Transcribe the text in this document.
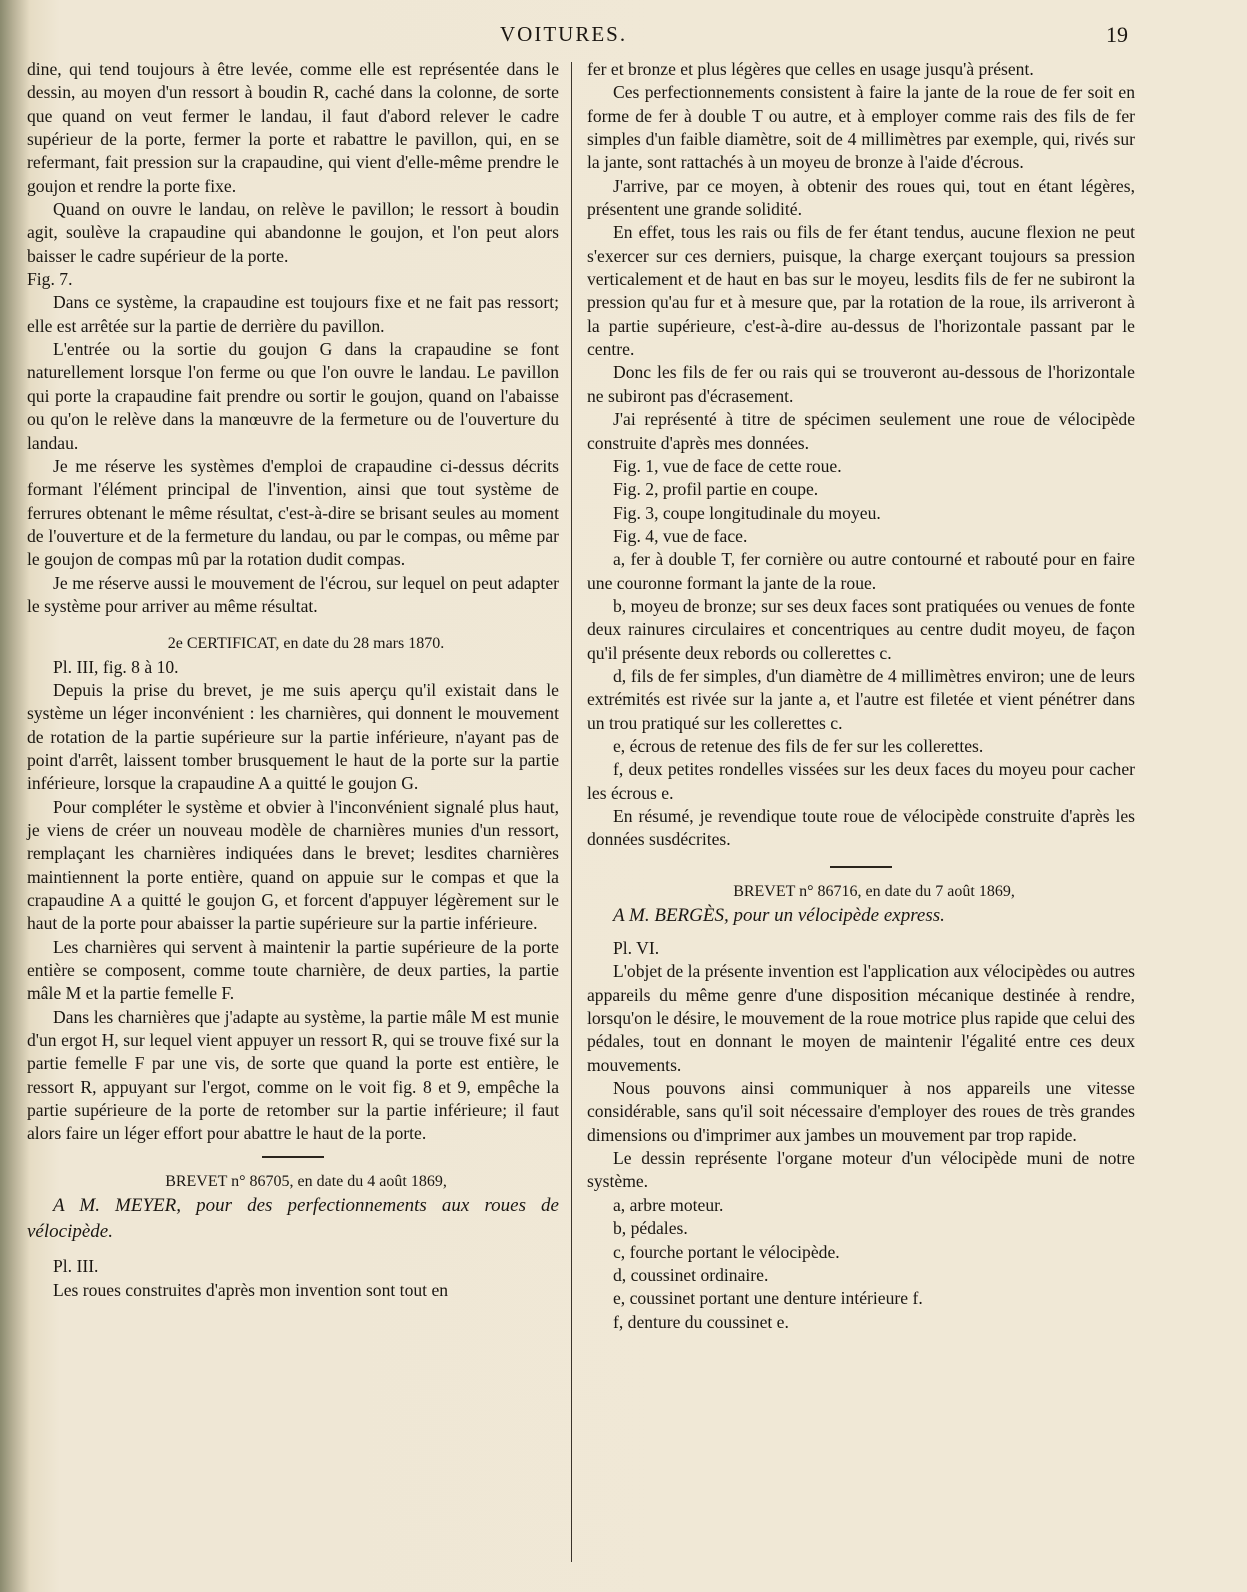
VOITURES.	19

dine, qui tend toujours à être levée, comme elle est représentée dans le dessin, au moyen d'un ressort à boudin R, caché dans la colonne, de sorte que quand on veut fermer le landau, il faut d'abord relever le cadre supérieur de la porte, fermer la porte et rabattre le pavillon, qui, en se refermant, fait pression sur la crapaudine, qui vient d'elle-même prendre le goujon et rendre la porte fixe.

Quand on ouvre le landau, on relève le pavillon; le ressort à boudin agit, soulève la crapaudine qui abandonne le goujon, et l'on peut alors baisser le cadre supérieur de la porte.

Fig. 7.

Dans ce système, la crapaudine est toujours fixe et ne fait pas ressort; elle est arrêtée sur la partie de derrière du pavillon.

L'entrée ou la sortie du goujon G dans la crapaudine se font naturellement lorsque l'on ferme ou que l'on ouvre le landau. Le pavillon qui porte la crapaudine fait prendre ou sortir le goujon, quand on l'abaisse ou qu'on le relève dans la manœuvre de la fermeture ou de l'ouverture du landau.

Je me réserve les systèmes d'emploi de crapaudine ci-dessus décrits formant l'élément principal de l'invention, ainsi que tout système de ferrures obtenant le même résultat, c'est-à-dire se brisant seules au moment de l'ouverture et de la fermeture du landau, ou par le compas, ou même par le goujon de compas mû par la rotation dudit compas.

Je me réserve aussi le mouvement de l'écrou, sur lequel on peut adapter le système pour arriver au même résultat.

2e CERTIFICAT, en date du 28 mars 1870.

Pl. III, fig. 8 à 10.

Depuis la prise du brevet, je me suis aperçu qu'il existait dans le système un léger inconvénient : les charnières, qui donnent le mouvement de rotation de la partie supérieure sur la partie inférieure, n'ayant pas de point d'arrêt, laissent tomber brusquement le haut de la porte sur la partie inférieure, lorsque la crapaudine A a quitté le goujon G.

Pour compléter le système et obvier à l'inconvénient signalé plus haut, je viens de créer un nouveau modèle de charnières munies d'un ressort, remplaçant les charnières indiquées dans le brevet; lesdites charnières maintiennent la porte entière, quand on appuie sur le compas et que la crapaudine A a quitté le goujon G, et forcent d'appuyer légèrement sur le haut de la porte pour abaisser la partie supérieure sur la partie inférieure.

Les charnières qui servent à maintenir la partie supérieure de la porte entière se composent, comme toute charnière, de deux parties, la partie mâle M et la partie femelle F.

Dans les charnières que j'adapte au système, la partie mâle M est munie d'un ergot H, sur lequel vient appuyer un ressort R, qui se trouve fixé sur la partie femelle F par une vis, de sorte que quand la porte est entière, le ressort R, appuyant sur l'ergot, comme on le voit fig. 8 et 9, empêche la partie supérieure de la porte de retomber sur la partie inférieure; il faut alors faire un léger effort pour abattre le haut de la porte.

BREVET n° 86705, en date du 4 août 1869,

A M. MEYER, pour des perfectionnements aux roues de vélocipède.

Pl. III.

Les roues construites d'après mon invention sont tout en

fer et bronze et plus légères que celles en usage jusqu'à présent.

Ces perfectionnements consistent à faire la jante de la roue de fer soit en forme de fer à double T ou autre, et à employer comme rais des fils de fer simples d'un faible diamètre, soit de 4 millimètres par exemple, qui, rivés sur la jante, sont rattachés à un moyeu de bronze à l'aide d'écrous.

J'arrive, par ce moyen, à obtenir des roues qui, tout en étant légères, présentent une grande solidité.

En effet, tous les rais ou fils de fer étant tendus, aucune flexion ne peut s'exercer sur ces derniers, puisque, la charge exerçant toujours sa pression verticalement et de haut en bas sur le moyeu, lesdits fils de fer ne subiront la pression qu'au fur et à mesure que, par la rotation de la roue, ils arriveront à la partie supérieure, c'est-à-dire au-dessus de l'horizontale passant par le centre.

Donc les fils de fer ou rais qui se trouveront au-dessous de l'horizontale ne subiront pas d'écrasement.

J'ai représenté à titre de spécimen seulement une roue de vélocipède construite d'après mes données.

Fig. 1, vue de face de cette roue.

Fig. 2, profil partie en coupe.

Fig. 3, coupe longitudinale du moyeu.

Fig. 4, vue de face.

a, fer à double T, fer cornière ou autre contourné et rabouté pour en faire une couronne formant la jante de la roue.

b, moyeu de bronze; sur ses deux faces sont pratiquées ou venues de fonte deux rainures circulaires et concentriques au centre dudit moyeu, de façon qu'il présente deux rebords ou collerettes c.

d, fils de fer simples, d'un diamètre de 4 millimètres environ; une de leurs extrémités est rivée sur la jante a, et l'autre est filetée et vient pénétrer dans un trou pratiqué sur les collerettes c.

e, écrous de retenue des fils de fer sur les collerettes.

f, deux petites rondelles vissées sur les deux faces du moyeu pour cacher les écrous e.

En résumé, je revendique toute roue de vélocipède construite d'après les données susdécrites.

BREVET n° 86716, en date du 7 août 1869,

A M. BERGÈS, pour un vélocipède express.

Pl. VI.

L'objet de la présente invention est l'application aux vélocipèdes ou autres appareils du même genre d'une disposition mécanique destinée à rendre, lorsqu'on le désire, le mouvement de la roue motrice plus rapide que celui des pédales, tout en donnant le moyen de maintenir l'égalité entre ces deux mouvements.

Nous pouvons ainsi communiquer à nos appareils une vitesse considérable, sans qu'il soit nécessaire d'employer des roues de très grandes dimensions ou d'imprimer aux jambes un mouvement par trop rapide.

Le dessin représente l'organe moteur d'un vélocipède muni de notre système.

a, arbre moteur.

b, pédales.

c, fourche portant le vélocipède.

d, coussinet ordinaire.

e, coussinet portant une denture intérieure f.

f, denture du coussinet e.
